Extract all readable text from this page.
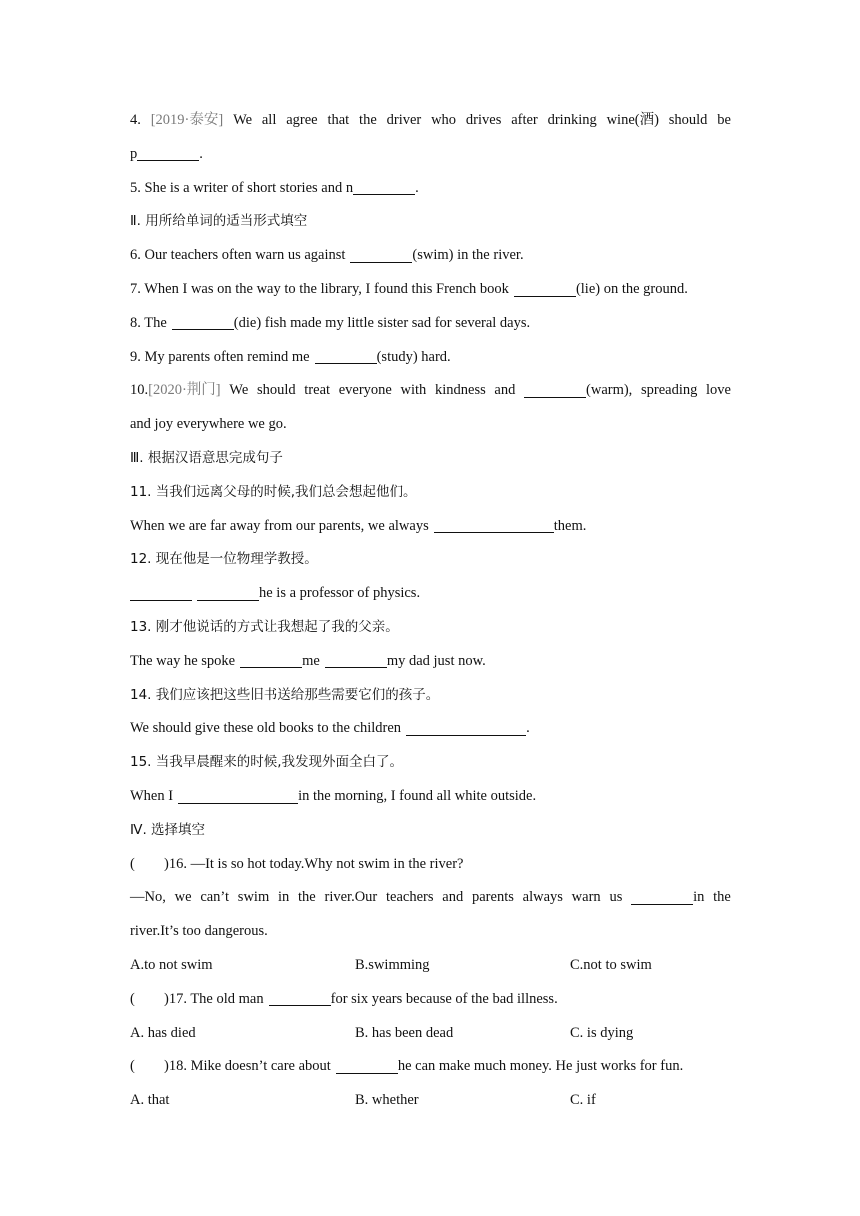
4. [2019·泰安] We all agree that the driver who drives after drinking wine(酒) should be
p	.
5. She is a writer of short stories and n	.
Ⅱ. 用所给单词的适当形式填空
6. Our teachers often warn us against	(swim) in the river.
7. When I was on the way to the library, I found this French book	(lie) on the ground.
8. The	(die) fish made my little sister sad for several days.
9. My parents often remind me	(study) hard.
10.[2020·荆门] We should treat everyone with kindness and	(warm), spreading love
and joy everywhere we go.
Ⅲ. 根据汉语意思完成句子
11. 当我们远离父母的时候,我们总会想起他们。
When we are far away from our parents, we always	them.
12. 现在他是一位物理学教授。
he is a professor of physics.
13. 刚才他说话的方式让我想起了我的父亲。
The way he spoke	me	my dad just now.
14. 我们应该把这些旧书送给那些需要它们的孩子。
We should give these old books to the children	.
15. 当我早晨醒来的时候,我发现外面全白了。
When I	in the morning, I found all white outside.
Ⅳ. 选择填空
( )16. —It is so hot today.Why not swim in the river?
—No, we can’t swim in the river.Our teachers and parents always warn us	in the
river.It’s too dangerous.
A.to not swim	B.swimming	C.not to swim
( )17. The old man	for six years because of the bad illness.
A. has died	B. has been dead	C. is dying
( )18. Mike doesn’t care about	he can make much money. He just works for fun.
A. that	B. whether	C. if
